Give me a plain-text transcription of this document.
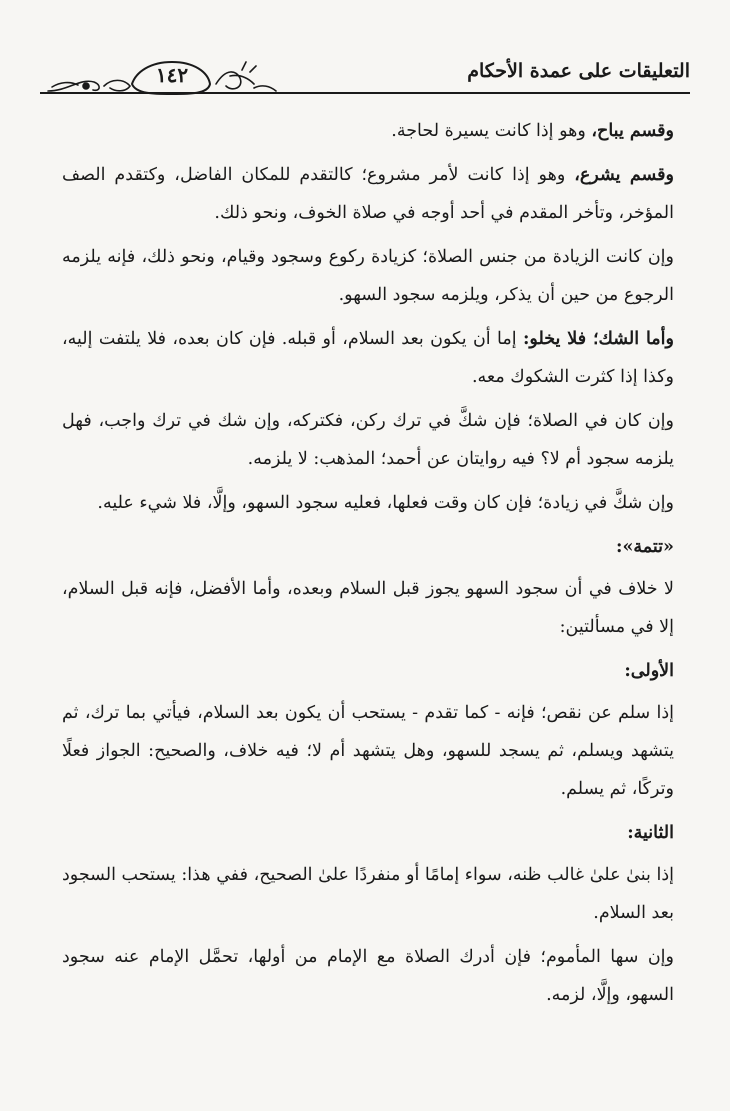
١٤٢	التعليقات على عمدة الأحكام

وقسم يباح، وهو إذا كانت يسيرة لحاجة.

وقسم يشرع، وهو إذا كانت لأمر مشروع؛ كالتقدم للمكان الفاضل، وكتقدم الصف المؤخر، وتأخر المقدم في أحد أوجه في صلاة الخوف، ونحو ذلك.

وإن كانت الزيادة من جنس الصلاة؛ كزيادة ركوع وسجود وقيام، ونحو ذلك، فإنه يلزمه الرجوع من حين أن يذكر، ويلزمه سجود السهو.

وأما الشك؛ فلا يخلو: إما أن يكون بعد السلام، أو قبله. فإن كان بعده، فلا يلتفت إليه، وكذا إذا كثرت الشكوك معه.

وإن كان في الصلاة؛ فإن شكَّ في ترك ركن، فكتركه، وإن شك في ترك واجب، فهل يلزمه سجود أم لا؟ فيه روايتان عن أحمد؛ المذهب: لا يلزمه.

وإن شكَّ في زيادة؛ فإن كان وقت فعلها، فعليه سجود السهو، وإلَّا، فلا شيء عليه.

«تتمة»:

لا خلاف في أن سجود السهو يجوز قبل السلام وبعده، وأما الأفضل، فإنه قبل السلام، إلا في مسألتين:

الأولى:

إذا سلم عن نقص؛ فإنه - كما تقدم - يستحب أن يكون بعد السلام، فيأتي بما ترك، ثم يتشهد ويسلم، ثم يسجد للسهو، وهل يتشهد أم لا؛ فيه خلاف، والصحيح: الجواز فعلًا وتركًا، ثم يسلم.

الثانية:

إذا بنىٰ علىٰ غالب ظنه، سواء إمامًا أو منفردًا علىٰ الصحيح، ففي هذا: يستحب السجود بعد السلام.

وإن سها المأموم؛ فإن أدرك الصلاة مع الإمام من أولها، تحمَّل الإمام عنه سجود السهو، وإلَّا، لزمه.
